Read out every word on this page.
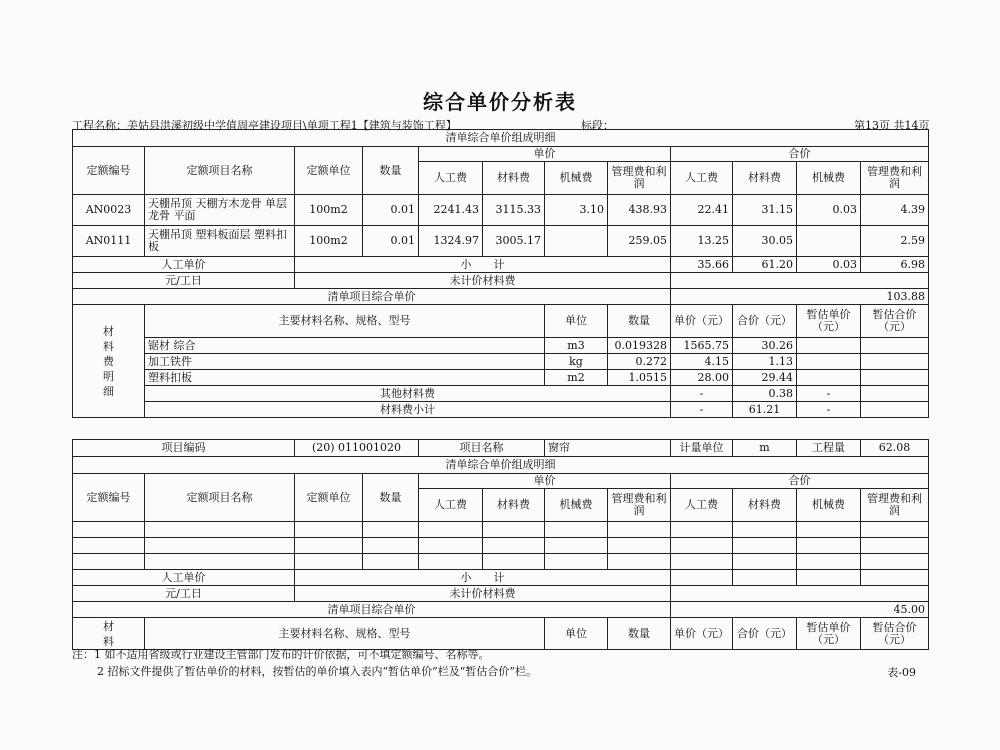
综合单价分析表
工程名称：美姑县洪溪初级中学值周亭建设项目\单项工程1【建筑与装饰工程】	标段：	第13页 共14页
清单综合单价组成明细											
定额编号	定额项目名称	定额单位	数量	单价				合价			
				人工费	材料费	机械费	管理费和利润	人工费	材料费	机械费	管理费和利润
AN0023	天棚吊顶 天棚方木龙骨 单层龙骨 平面	100m2	0.01	2241.43	3115.33	3.10	438.93	22.41	31.15	0.03	4.39
AN0111	天棚吊顶 塑料板面层 塑料扣板	100m2	0.01	1324.97	3005.17		259.05	13.25	30.05		2.59
人工单价		小　　计						35.66	61.20	0.03	6.98
元/工日		未计价材料费									
清单项目综合单价								103.88			

材料费明细	主要材料名称、规格、型号					单位	数量	单价（元）	合价（元）	暂估单价（元）	暂估合价（元）
	锯材 综合					m3	0.019328	1565.75	30.26		
	加工铁件					kg	0.272	4.15	1.13		
	塑料扣板					m2	1.0515	28.00	29.44		
	其他材料费							-	0.38	-	
	材料费小计							-	61.21	-	
项目编码		(20) 011001020		项目名称		窗帘		计量单位	m	工程量	62.08
清单综合单价组成明细											
定额编号	定额项目名称	定额单位	数量	单价				合价			
				人工费	材料费	机械费	管理费和利润	人工费	材料费	机械费	管理费和利润

人工单价		小　　计									
元/工日		未计价材料费									
清单项目综合单价								45.00			

材料	主要材料名称、规格、型号					单位	数量	单价（元）	合价（元）	暂估单价（元）	暂估合价（元）
注：1 如不适用省级或行业建设主管部门发布的计价依据，可不填定额编号、名称等。
2 招标文件提供了暂估单价的材料，按暂估的单价填入表内“暂估单价”栏及“暂估合价”栏。	表-09
